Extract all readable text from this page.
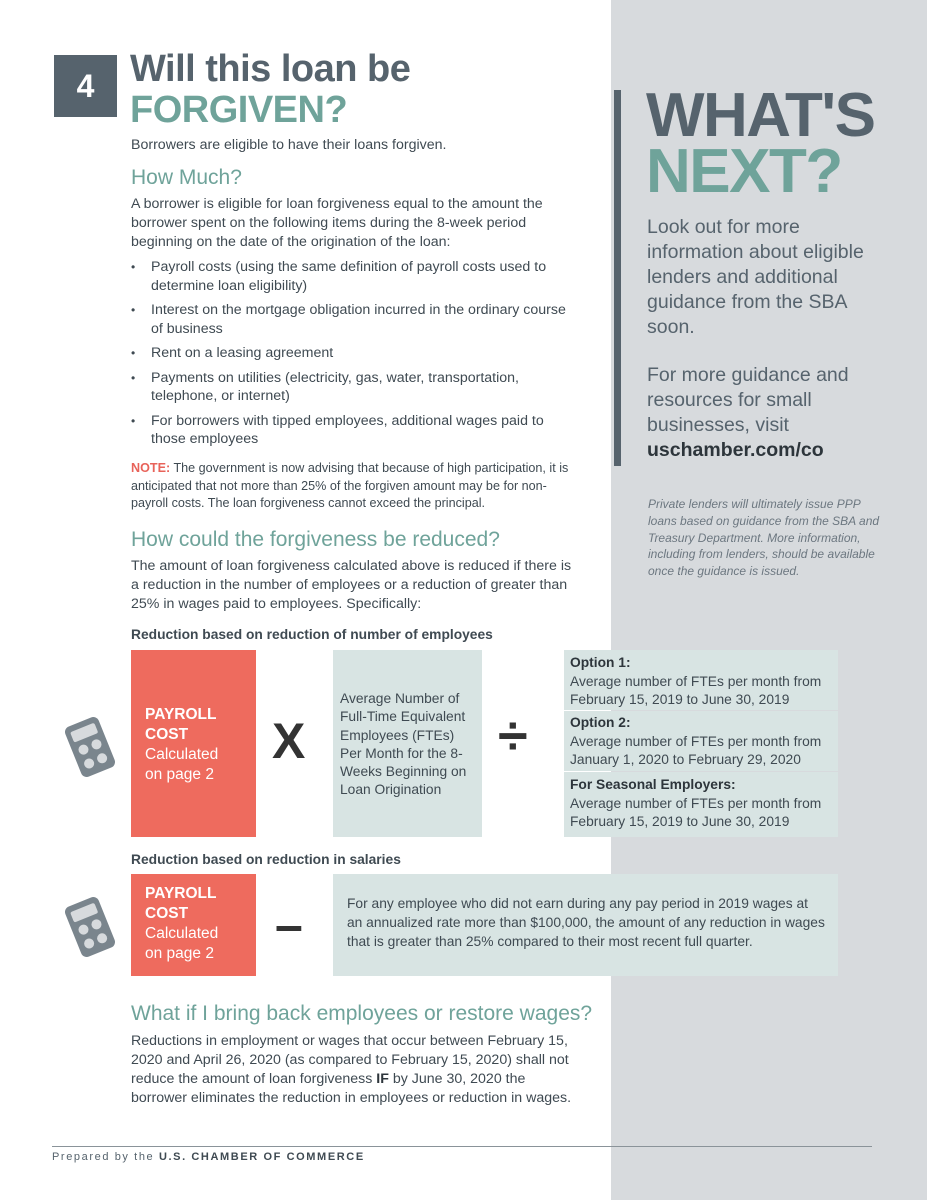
4 Will this loan be
FORGIVEN?
Borrowers are eligible to have their loans forgiven.
How Much?
A borrower is eligible for loan forgiveness equal to the amount the borrower spent on the following items during the 8-week period beginning on the date of the origination of the loan:
• Payroll costs (using the same definition of payroll costs used to determine loan eligibility)
• Interest on the mortgage obligation incurred in the ordinary course of business
• Rent on a leasing agreement
• Payments on utilities (electricity, gas, water, transportation, telephone, or internet)
• For borrowers with tipped employees, additional wages paid to those employees
NOTE: The government is now advising that because of high participation, it is anticipated that not more than 25% of the forgiven amount may be for non-payroll costs. The loan forgiveness cannot exceed the principal.
How could the forgiveness be reduced?
The amount of loan forgiveness calculated above is reduced if there is a reduction in the number of employees or a reduction of greater than 25% in wages paid to employees. Specifically:
Reduction based on reduction of number of employees
PAYROLL
COST
Calculated
on page 2
X
Average Number of Full-Time Equivalent Employees (FTEs) Per Month for the 8-Weeks Beginning on Loan Origination
÷
Option 1:
Average number of FTEs per month from February 15, 2019 to June 30, 2019
Option 2:
Average number of FTEs per month from January 1, 2020 to February 29, 2020
For Seasonal Employers:
Average number of FTEs per month from February 15, 2019 to June 30, 2019
Reduction based on reduction in salaries
PAYROLL
COST
Calculated
on page 2
–	For any employee who did not earn during any pay period in 2019 wages at an annualized rate more than $100,000, the amount of any reduction in wages that is greater than 25% compared to their most recent full quarter.
What if I bring back employees or restore wages?
Reductions in employment or wages that occur between February 15, 2020 and April 26, 2020 (as compared to February 15, 2020) shall not reduce the amount of loan forgiveness IF by June 30, 2020 the borrower eliminates the reduction in employees or reduction in wages.
WHAT'S
NEXT?
Look out for more information about eligible lenders and additional guidance from the SBA soon.
For more guidance and resources for small businesses, visit uschamber.com/co
Private lenders will ultimately issue PPP loans based on guidance from the SBA and Treasury Department. More information, including from lenders, should be available once the guidance is issued.
Prepared by the U.S. CHAMBER OF COMMERCE
